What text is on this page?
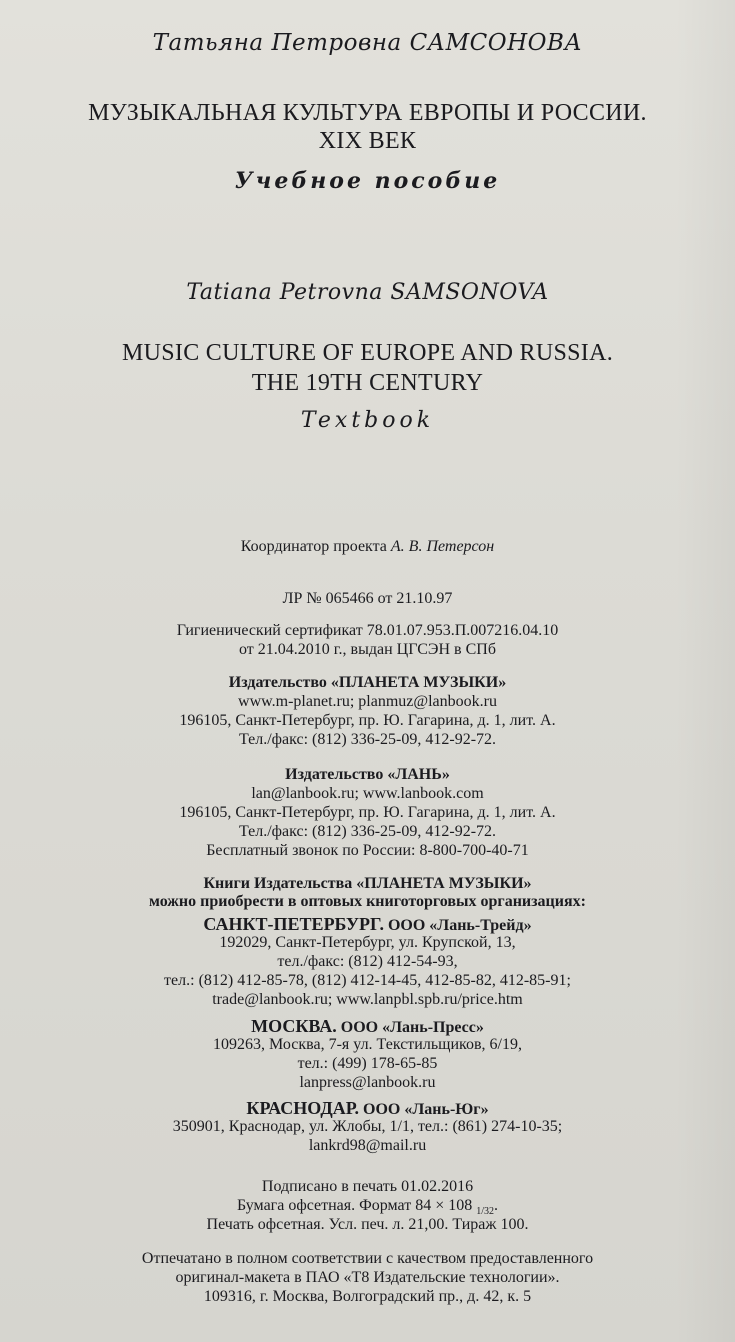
Татьяна Петровна САМСОНОВА
МУЗЫКАЛЬНАЯ КУЛЬТУРА ЕВРОПЫ И РОССИИ.
XIX ВЕК
Учебное пособие
Tatiana Petrovna SAMSONOVA
MUSIC CULTURE OF EUROPE AND RUSSIA.
THE 19TH CENTURY
Textbook
Координатор проекта А. В. Петерсон
ЛР № 065466 от 21.10.97
Гигиенический сертификат 78.01.07.953.П.007216.04.10
от 21.04.2010 г., выдан ЦГСЭН в СПб
Издательство «ПЛАНЕТА МУЗЫКИ»
www.m-planet.ru; planmuz@lanbook.ru
196105, Санкт-Петербург, пр. Ю. Гагарина, д. 1, лит. А.
Тел./факс: (812) 336-25-09, 412-92-72.
Издательство «ЛАНЬ»
lan@lanbook.ru; www.lanbook.com
196105, Санкт-Петербург, пр. Ю. Гагарина, д. 1, лит. А.
Тел./факс: (812) 336-25-09, 412-92-72.
Бесплатный звонок по России: 8-800-700-40-71
Книги Издательства «ПЛАНЕТА МУЗЫКИ»
можно приобрести в оптовых книготорговых организациях:
САНКТ-ПЕТЕРБУРГ. ООО «Лань-Трейд»
192029, Санкт-Петербург, ул. Крупской, 13,
тел./факс: (812) 412-54-93,
тел.: (812) 412-85-78, (812) 412-14-45, 412-85-82, 412-85-91;
trade@lanbook.ru; www.lanpbl.spb.ru/price.htm
МОСКВА. ООО «Лань-Пресс»
109263, Москва, 7-я ул. Текстильщиков, 6/19,
тел.: (499) 178-65-85
lanpress@lanbook.ru
КРАСНОДАР. ООО «Лань-Юг»
350901, Краснодар, ул. Жлобы, 1/1, тел.: (861) 274-10-35;
lankrd98@mail.ru
Подписано в печать 01.02.2016
Бумага офсетная. Формат 84 × 108 $_{1/32}$.
Печать офсетная. Усл. печ. л. 21,00. Тираж 100.
Отпечатано в полном соответствии с качеством предоставленного
оригинал-макета в ПАО «Т8 Издательские технологии».
109316, г. Москва, Волгоградский пр., д. 42, к. 5
